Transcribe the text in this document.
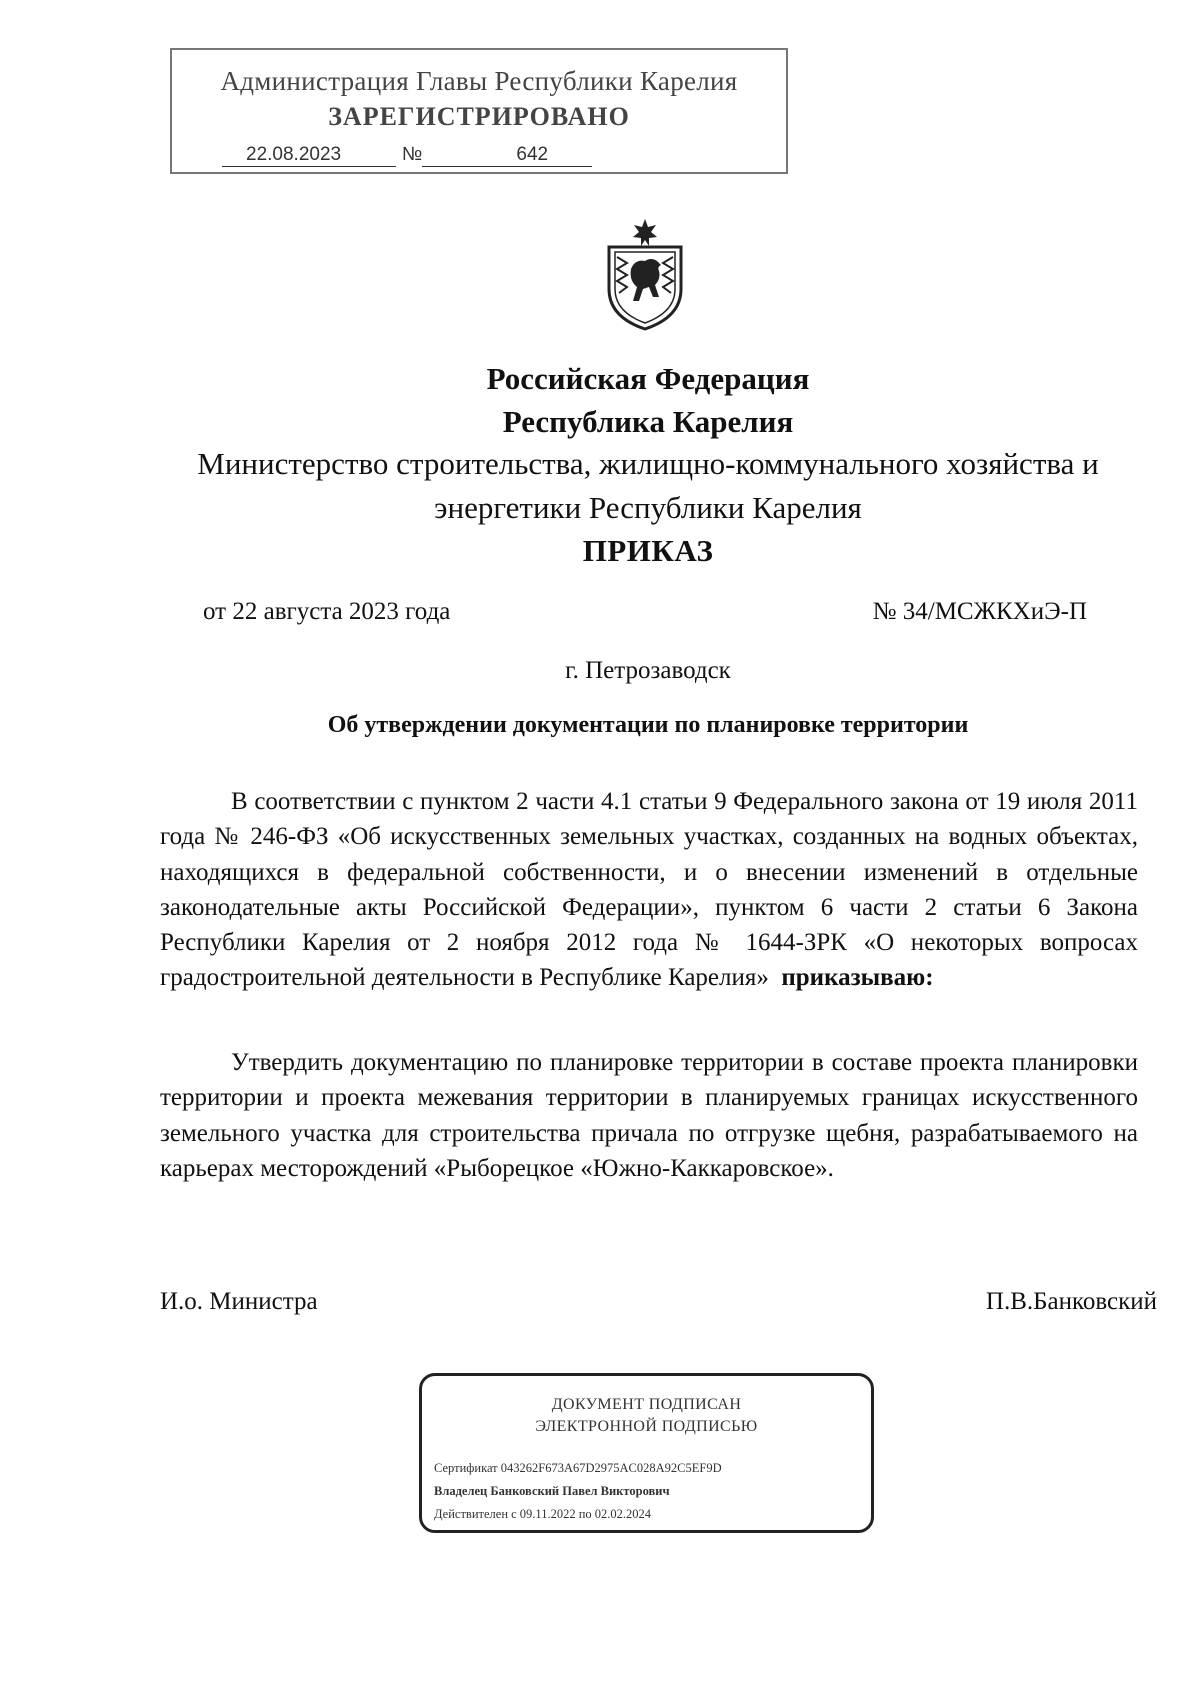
Администрация Главы Республики Карелия
ЗАРЕГИСТРИРОВАНО
22.08.2023	№	642
Российская Федерация
Республика Карелия
Министерство строительства, жилищно-коммунального хозяйства и
энергетики Республики Карелия
ПРИКАЗ
от 22 августа 2023 года	№ 34/МСЖКХиЭ-П
г. Петрозаводск
Об утверждении документации по планировке территории
В соответствии с пунктом 2 части 4.1 статьи 9 Федерального закона от 19 июля 2011 года № 246-ФЗ «Об искусственных земельных участках, созданных на водных объектах, находящихся в федеральной собственности, и о внесении изменений в отдельные законодательные акты Российской Федерации», пунктом 6 части 2 статьи 6 Закона Республики Карелия от 2 ноября 2012 года № 1644-ЗРК «О некоторых вопросах градостроительной деятельности в Республике Карелия» приказываю:
Утвердить документацию по планировке территории в составе проекта планировки территории и проекта межевания территории в планируемых границах искусственного земельного участка для строительства причала по отгрузке щебня, разрабатываемого на карьерах месторождений «Рыборецкое «Южно-Каккаровское».
И.о. Министра	П.В.Банковский
ДОКУМЕНТ ПОДПИСАН
ЭЛЕКТРОННОЙ ПОДПИСЬЮ
Сертификат 043262F673A67D2975AC028A92C5EF9D
Владелец Банковский Павел Викторович
Действителен с 09.11.2022 по 02.02.2024
